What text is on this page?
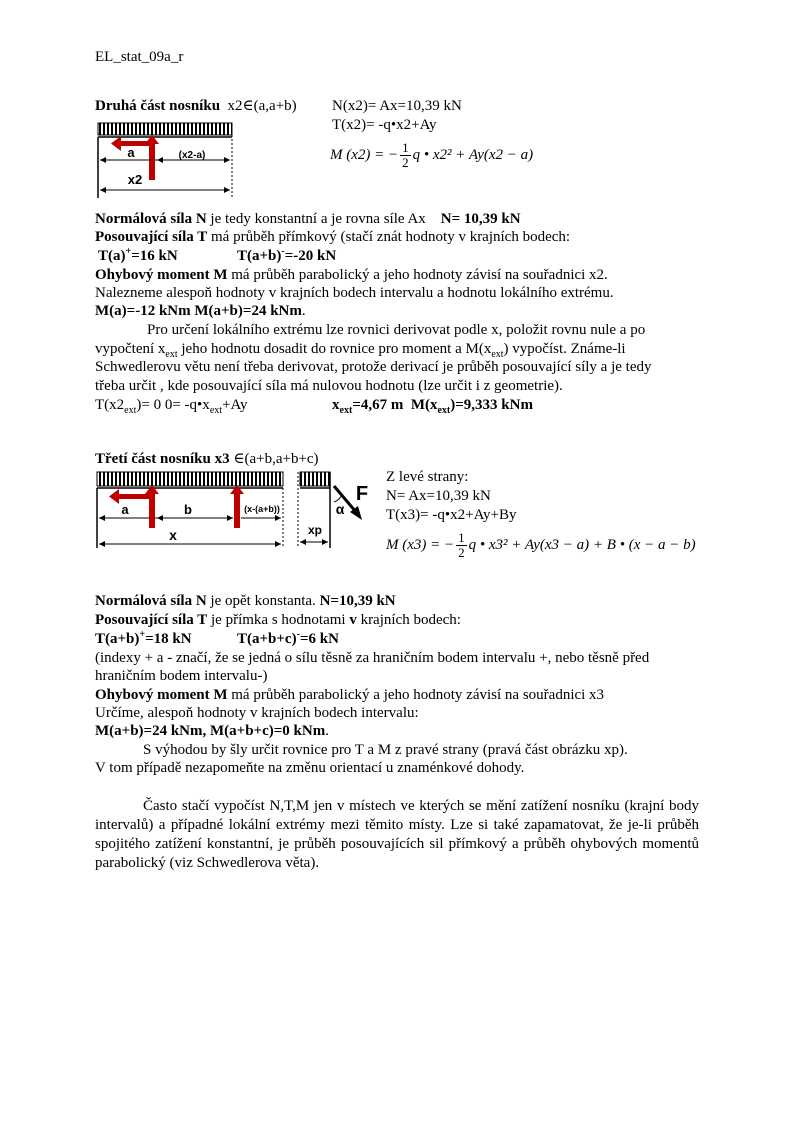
EL_stat_09a_r
Druhá část nosníku x2∈(a,a+b) N(x2)= Ax=10,39 kN
T(x2)= -q•x2+Ay
M (x2) = − $\frac{1}{2}$ q • x2² + Ay(x2 − a)
a	(x2-a)
x2
Normálová síla N je tedy konstantní a je rovna síle Ax N= 10,39 kN
Posouvající síla T má průběh přímkový (stačí znát hodnoty v krajních bodech:
T(a)+=16 kN	T(a+b)-=-20 kN
Ohybový moment M má průběh parabolický a jeho hodnoty závisí na souřadnici x2.
Nalezneme alespoň hodnoty v krajních bodech intervalu a hodnotu lokálního extrému.
M(a)=-12 kNm M(a+b)=24 kNm.
Pro určení lokálního extrému lze rovnici derivovat podle x, položit rovnu nule a po
vypočtení $x_{ext}$ jeho hodnotu dosadit do rovnice pro moment a $M(x_{ext})$ vypočíst. Známe-li
Schwedlerovu větu není třeba derivovat, protože derivací je průběh posouvající síly a je tedy
třeba určit , kde posouvající síla má nulovou hodnotu (lze určit i z geometrie).
$T(x2_{ext})= 0$ $0= -q•x_{ext}+Ay$	$x_{ext}=4,67$ m $M(x_{ext})=9,333$ kNm
Třetí část nosníku x3 ∈(a+b,a+b+c)
a	b	(x-(a+b))
x	xp
α
F
Z levé strany:
N= Ax=10,39 kN
T(x3)= -q•x2+Ay+By
M (x3) = − $\frac{1}{2}$ q • x3² + Ay(x3 − a) + B • (x − a − b)
Normálová síla N je opět konstanta. N=10,39 kN
Posouvající síla T je přímka s hodnotami v krajních bodech:
T(a+b)+=18 kN	T(a+b+c)-=6 kN
(indexy + a - značí, že se jedná o sílu těsně za hraničním bodem intervalu +, nebo těsně před
hraničním bodem intervalu-)
Ohybový moment M má průběh parabolický a jeho hodnoty závisí na souřadnici x3
Určíme, alespoň hodnoty v krajních bodech intervalu:
M(a+b)=24 kNm, M(a+b+c)=0 kNm.
S výhodou by šly určit rovnice pro T a M z pravé strany (pravá část obrázku xp).
V tom případě nezapomeňte na změnu orientací u znaménkové dohody.
Často stačí vypočíst N,T,M jen v místech ve kterých se mění zatížení nosníku (krajní body intervalů) a případné lokální extrémy mezi těmito místy. Lze si také zapamatovat, že je-li průběh spojitého zatížení konstantní, je průběh posouvajících sil přímkový a průběh ohybových momentů parabolický (viz Schwedlerova věta).
